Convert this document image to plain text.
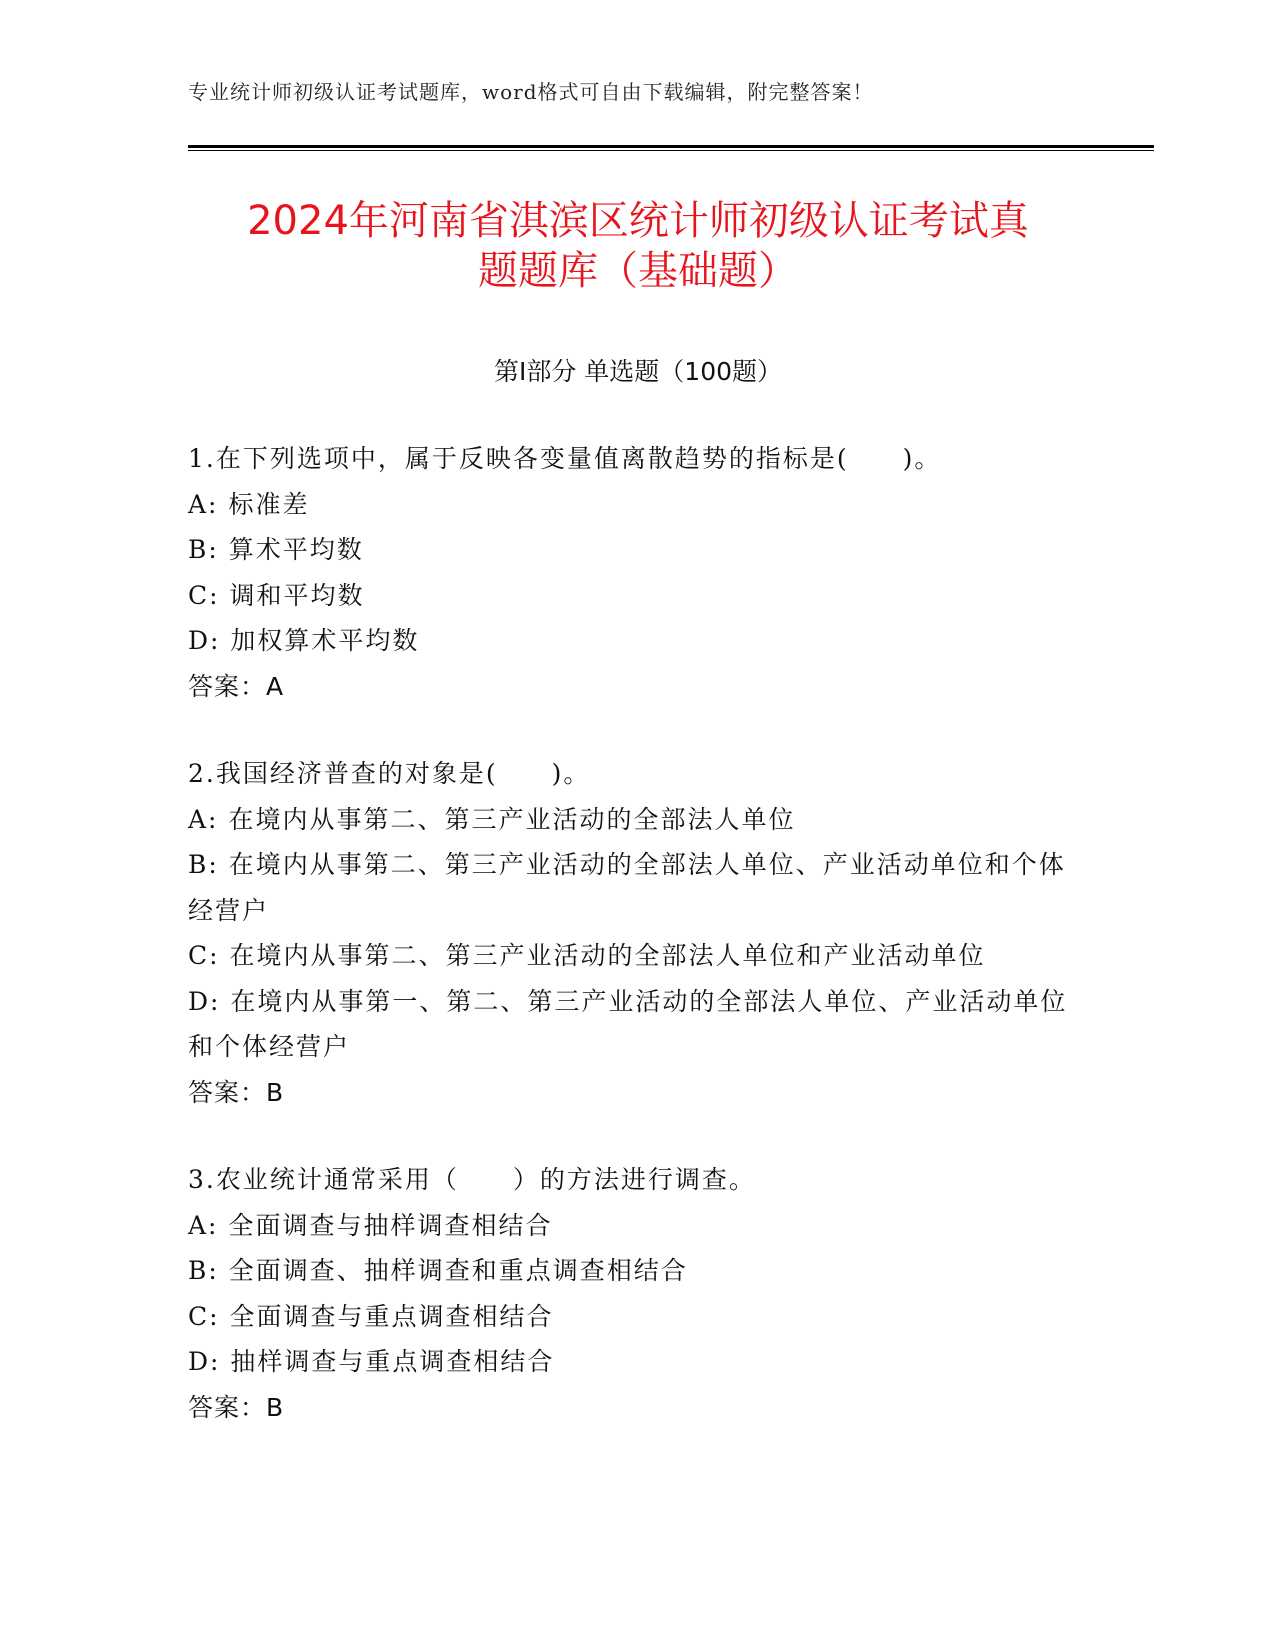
专业统计师初级认证考试题库，word格式可自由下载编辑，附完整答案！
2024年河南省淇滨区统计师初级认证考试真
题题库（基础题）
第Ⅰ部分 单选题（100题）
1.在下列选项中，属于反映各变量值离散趋势的指标是(　　)。
A: 标准差
B: 算术平均数
C: 调和平均数
D: 加权算术平均数
答案：A
2.我国经济普查的对象是(　　)。
A: 在境内从事第二、第三产业活动的全部法人单位
B: 在境内从事第二、第三产业活动的全部法人单位、产业活动单位和个体经营户
C: 在境内从事第二、第三产业活动的全部法人单位和产业活动单位
D: 在境内从事第一、第二、第三产业活动的全部法人单位、产业活动单位和个体经营户
答案：B
3.农业统计通常采用（　　）的方法进行调查。
A: 全面调查与抽样调查相结合
B: 全面调查、抽样调查和重点调查相结合
C: 全面调查与重点调查相结合
D: 抽样调查与重点调查相结合
答案：B
